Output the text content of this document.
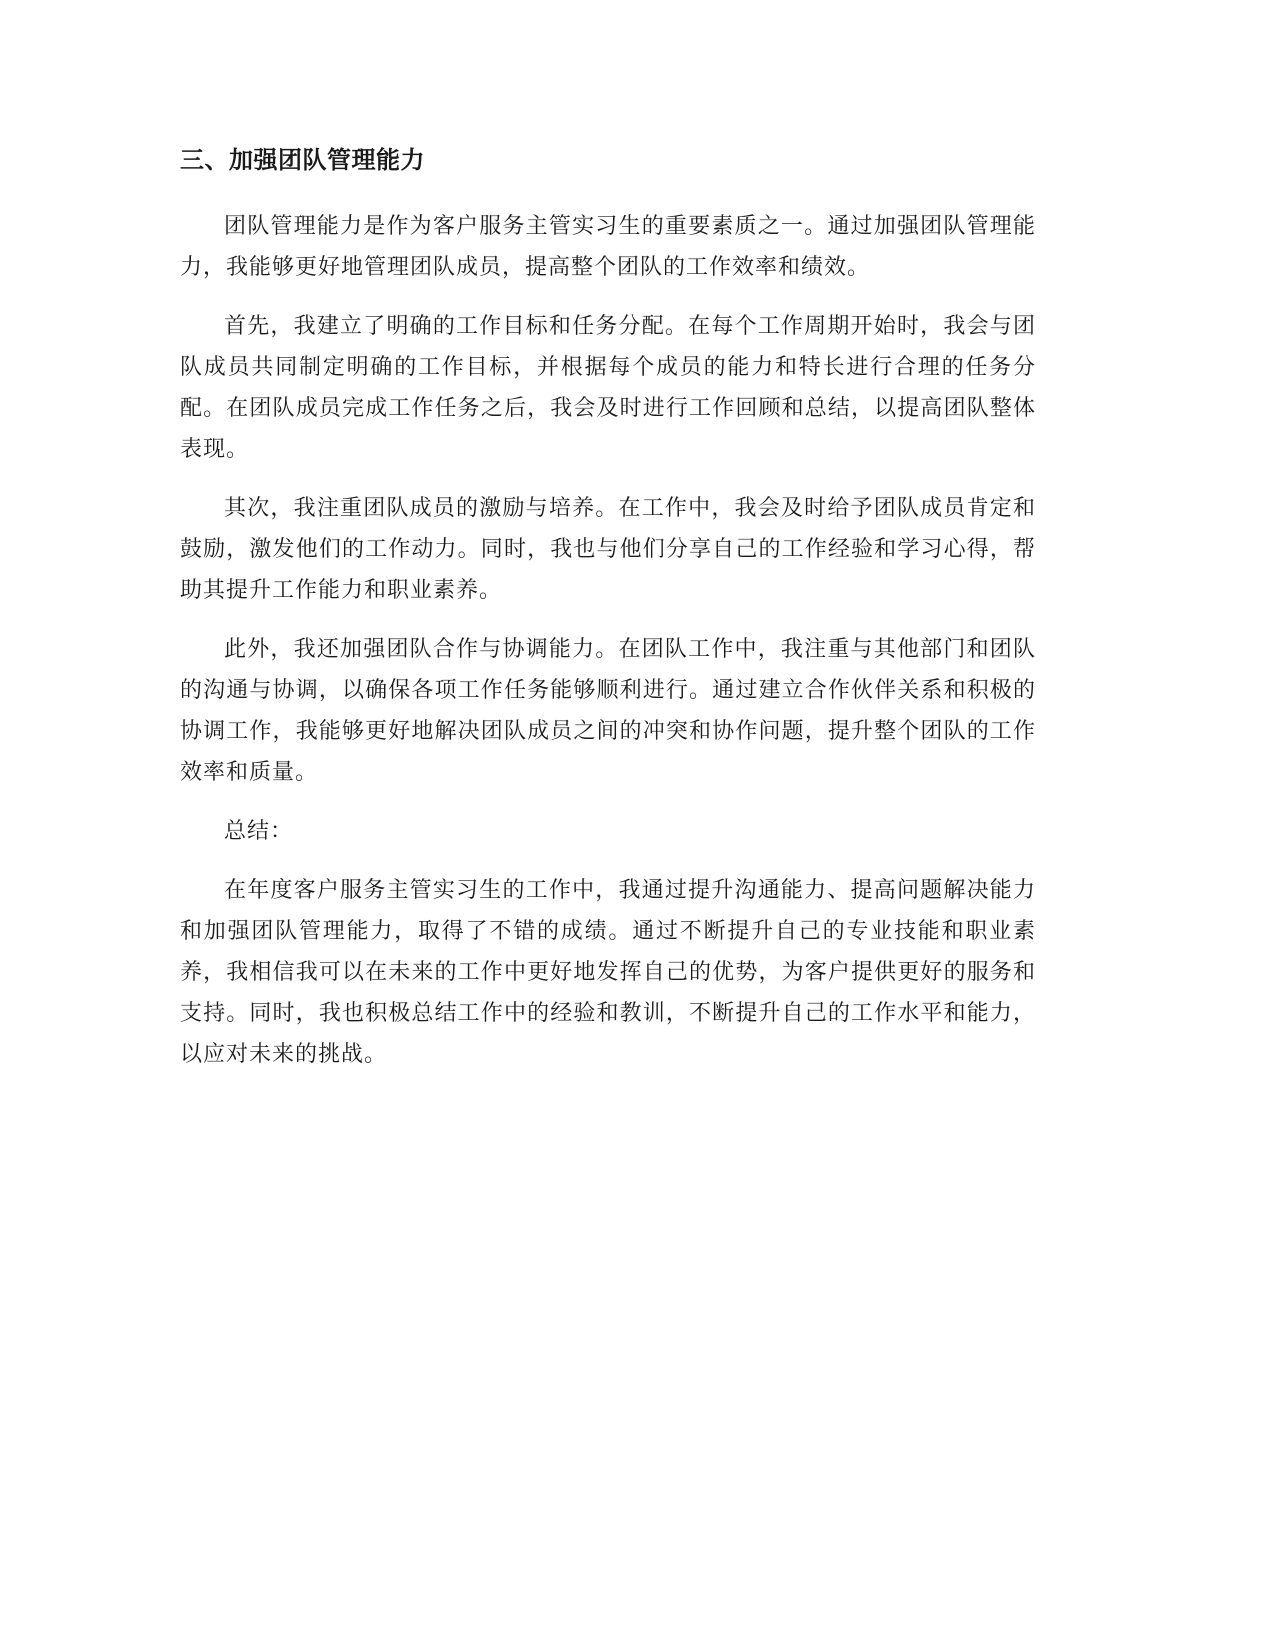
三、加强团队管理能力

团队管理能力是作为客户服务主管实习生的重要素质之一。通过加强团队管理能力，我能够更好地管理团队成员，提高整个团队的工作效率和绩效。

首先，我建立了明确的工作目标和任务分配。在每个工作周期开始时，我会与团队成员共同制定明确的工作目标，并根据每个成员的能力和特长进行合理的任务分配。在团队成员完成工作任务之后，我会及时进行工作回顾和总结，以提高团队整体表现。

其次，我注重团队成员的激励与培养。在工作中，我会及时给予团队成员肯定和鼓励，激发他们的工作动力。同时，我也与他们分享自己的工作经验和学习心得，帮助其提升工作能力和职业素养。

此外，我还加强团队合作与协调能力。在团队工作中，我注重与其他部门和团队的沟通与协调，以确保各项工作任务能够顺利进行。通过建立合作伙伴关系和积极的协调工作，我能够更好地解决团队成员之间的冲突和协作问题，提升整个团队的工作效率和质量。

总结：

在年度客户服务主管实习生的工作中，我通过提升沟通能力、提高问题解决能力和加强团队管理能力，取得了不错的成绩。通过不断提升自己的专业技能和职业素养，我相信我可以在未来的工作中更好地发挥自己的优势，为客户提供更好的服务和支持。同时，我也积极总结工作中的经验和教训，不断提升自己的工作水平和能力，以应对未来的挑战。
